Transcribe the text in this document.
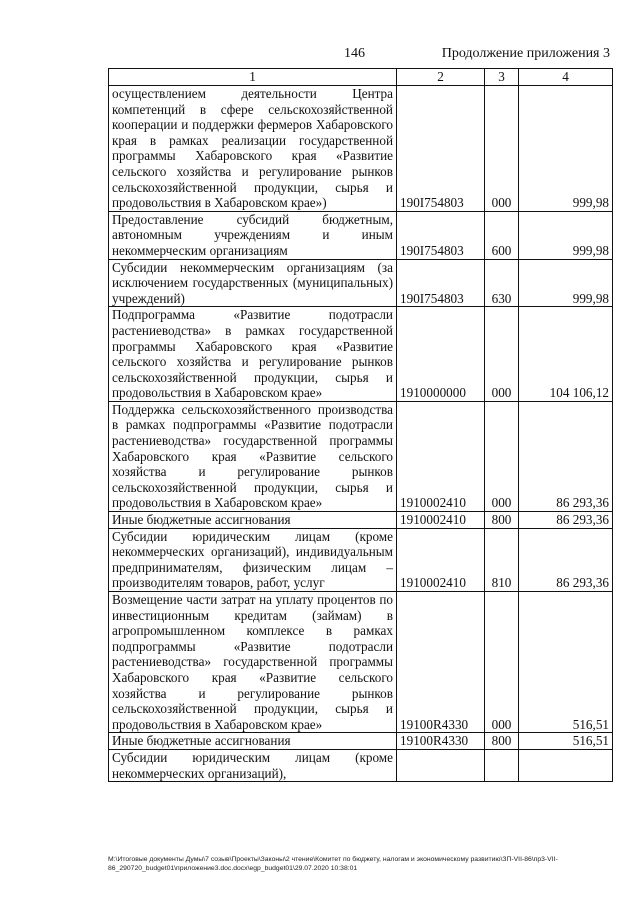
146	Продолжение приложения 3
1	2	3	4
осуществлением деятельности Центра компетенций в сфере сельскохозяйственной кооперации и поддержки фермеров Хабаровского края в рамках реализации государственной программы Хабаровского края «Развитие сельского хозяйства и регулирование рынков сельскохозяйственной продукции, сырья и продовольствия в Хабаровском крае»)	190I754803	000	999,98
Предоставление субсидий бюджетным, автономным учреждениям и иным некоммерческим организациям	190I754803	600	999,98
Субсидии некоммерческим организациям (за исключением государственных (муниципальных) учреждений)	190I754803	630	999,98
Подпрограмма «Развитие подотрасли растениеводства» в рамках государственной программы Хабаровского края «Развитие сельского хозяйства и регулирование рынков сельскохозяйственной продукции, сырья и продовольствия в Хабаровском крае»	1910000000	000	104 106,12
Поддержка сельскохозяйственного производства в рамках подпрограммы «Развитие подотрасли растениеводства» государственной программы Хабаровского края «Развитие сельского хозяйства и регулирование рынков сельскохозяйственной продукции, сырья и продовольствия в Хабаровском крае»	1910002410	000	86 293,36
Иные бюджетные ассигнования	1910002410	800	86 293,36
Субсидии юридическим лицам (кроме некоммерческих организаций), индивидуальным предпринимателям, физическим лицам – производителям товаров, работ, услуг	1910002410	810	86 293,36
Возмещение части затрат на уплату процентов по инвестиционным кредитам (займам) в агропромышленном комплексе в рамках подпрограммы «Развитие подотрасли растениеводства» государственной программы Хабаровского края «Развитие сельского хозяйства и регулирование рынков сельскохозяйственной продукции, сырья и продовольствия в Хабаровском крае»	19100R4330	000	516,51
Иные бюджетные ассигнования	19100R4330	800	516,51
Субсидии юридическим лицам (кроме некоммерческих организаций),			
М:\Итоговые документы Думы\7 созыв\Проекты\Законы\2 чтение\Комитет по бюджету, налогам и экономическому развитию\ЗП-VII-86\пр3-VII-86_290720_budget01\приложение3.doc.docx\egp_budget01\29.07.2020 10:38:01
